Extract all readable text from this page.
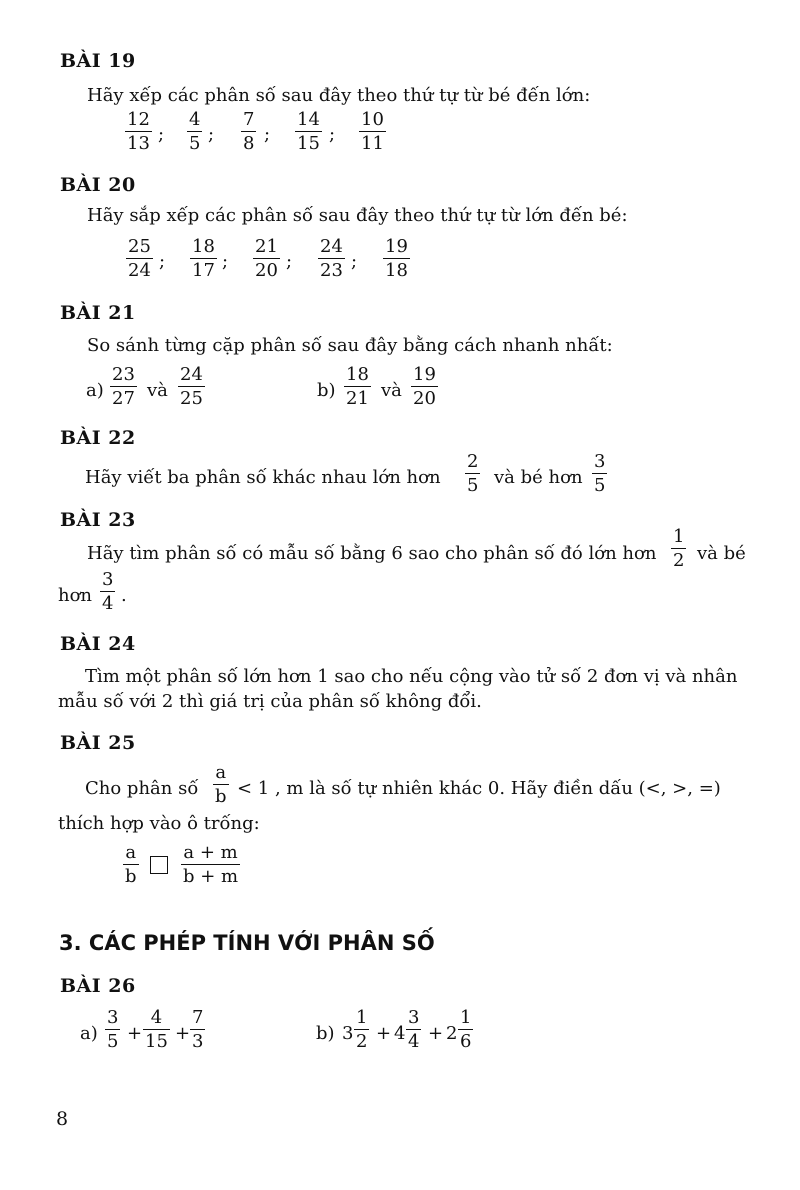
BÀI 19
Hãy xếp các phân số sau đây theo thứ tự từ bé đến lớn:
$\frac{12}{13}$ ; $\frac{4}{5}$ ; $\frac{7}{8}$ ; $\frac{14}{15}$ ; $\frac{10}{11}$
BÀI 20
Hãy sắp xếp các phân số sau đây theo thứ tự từ lớn đến bé:
$\frac{25}{24}$ ; $\frac{18}{17}$ ; $\frac{21}{20}$ ; $\frac{24}{23}$ ; $\frac{19}{18}$
BÀI 21
So sánh từng cặp phân số sau đây bằng cách nhanh nhất:
$a) \frac{23}{27}$ và $\frac{24}{25}$	$b) \frac{18}{21}$ và $\frac{19}{20}$
BÀI 22
Hãy viết ba phân số khác nhau lớn hơn $\frac{2}{5}$ và bé hơn $\frac{3}{5}$
BÀI 23
Hãy tìm phân số có mẫu số bằng 6 sao cho phân số đó lớn hơn $\frac{1}{2}$ và bé
hơn $\frac{3}{4}$ .
BÀI 24
Tìm một phân số lớn hơn 1 sao cho nếu cộng vào tử số 2 đơn vị và nhân
mẫu số với 2 thì giá trị của phân số không đổi.
BÀI 25
Cho phân số $\frac{a}{b} < 1$ , m là số tự nhiên khác 0. Hãy điền dấu (<, >, =)
thích hợp vào ô trống:
$\frac{a}{b} \frac{a + m}{b + m}$
3. CÁC PHÉP TÍNH VỚI PHÂN SỐ
BÀI 26
$a) \frac{3}{5} + \frac{4}{15} + \frac{7}{3}$	b) $3 \frac{1}{2} + 4 \frac{3}{4} + 2 \frac{1}{6}$
8
